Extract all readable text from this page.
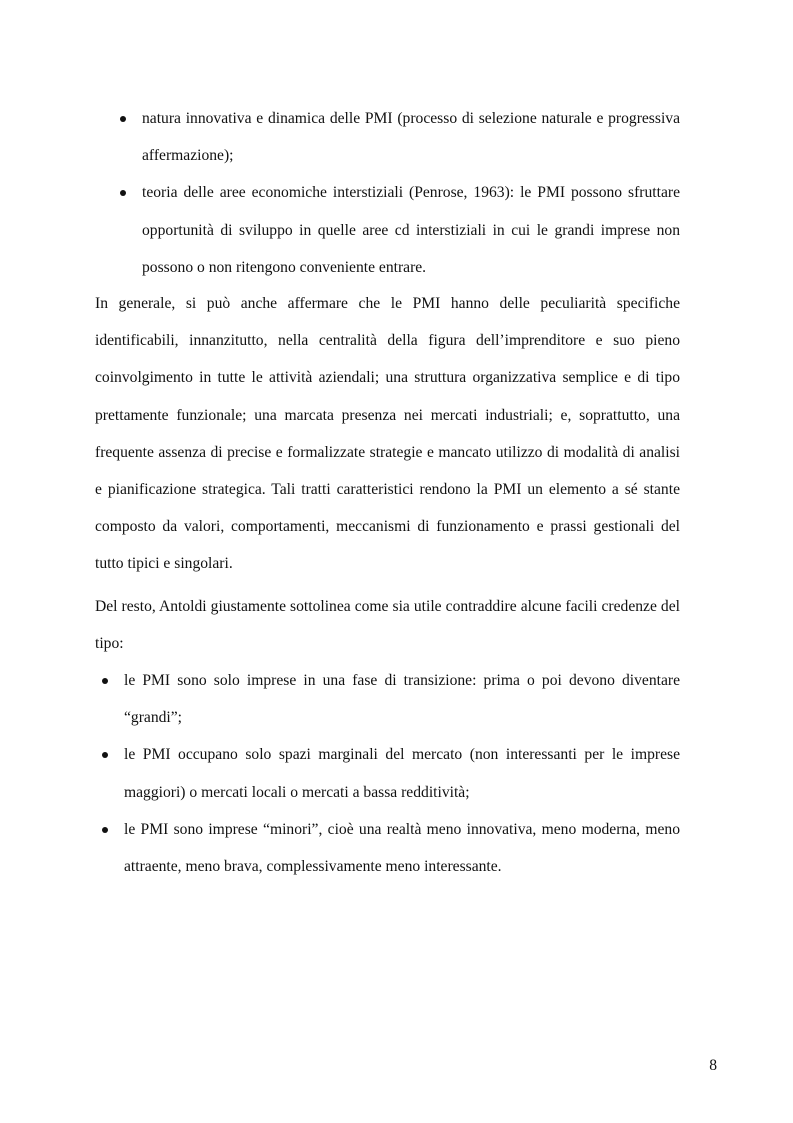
natura innovativa e dinamica delle PMI (processo di selezione naturale e progressiva affermazione);
teoria delle aree economiche interstiziali (Penrose, 1963): le PMI possono sfruttare opportunità di sviluppo in quelle aree cd interstiziali in cui le grandi imprese non possono o non ritengono conveniente entrare.

In generale, si può anche affermare che le PMI hanno delle peculiarità specifiche identificabili, innanzitutto, nella centralità della figura dell’imprenditore e suo pieno coinvolgimento in tutte le attività aziendali; una struttura organizzativa semplice e di tipo prettamente funzionale; una marcata presenza nei mercati industriali; e, soprattutto, una frequente assenza di precise e formalizzate strategie e mancato utilizzo di modalità di analisi e pianificazione strategica. Tali tratti caratteristici rendono la PMI un elemento a sé stante composto da valori, comportamenti, meccanismi di funzionamento e prassi gestionali del tutto tipici e singolari.

Del resto, Antoldi giustamente sottolinea come sia utile contraddire alcune facili credenze del tipo:

le PMI sono solo imprese in una fase di transizione: prima o poi devono diventare “grandi”;
le PMI occupano solo spazi marginali del mercato (non interessanti per le imprese maggiori) o mercati locali o mercati a bassa redditività;
le PMI sono imprese “minori”, cioè una realtà meno innovativa, meno moderna, meno attraente, meno brava, complessivamente meno interessante.
8
